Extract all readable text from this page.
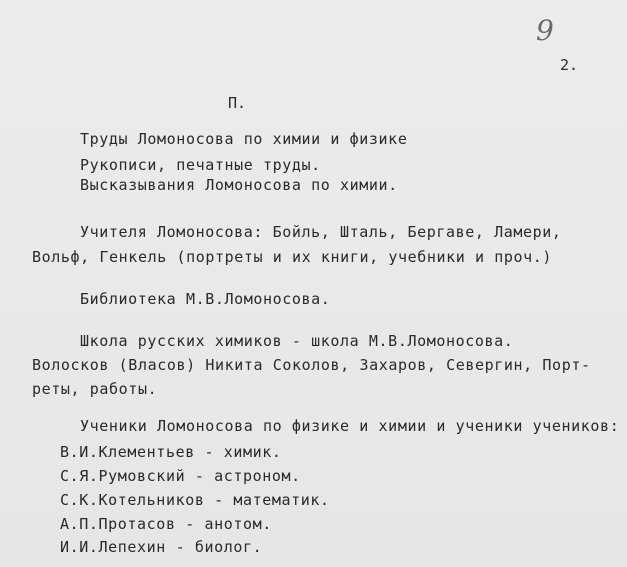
9
2.
П.
Труды Ломоносова по химии и физике
Рукописи, печатные труды.
Высказывания Ломоносова по химии.
Учителя Ломоносова: Бойль, Шталь, Бергаве, Ламери,
Вольф, Генкель (портреты и их книги, учебники и проч.)
Библиотека М.В.Ломоносова.
Школа русских химиков - школа М.В.Ломоносова.
Волосков (Власов) Никита Соколов, Захаров, Севергин, Порт-
реты, работы.
Ученики Ломоносова по физике и химии и ученики учеников:
В.И.Клементьев - химик.
С.Я.Румовский - астроном.
С.К.Котельников - математик.
А.П.Протасов - анотом.
И.И.Лепехин - биолог.
